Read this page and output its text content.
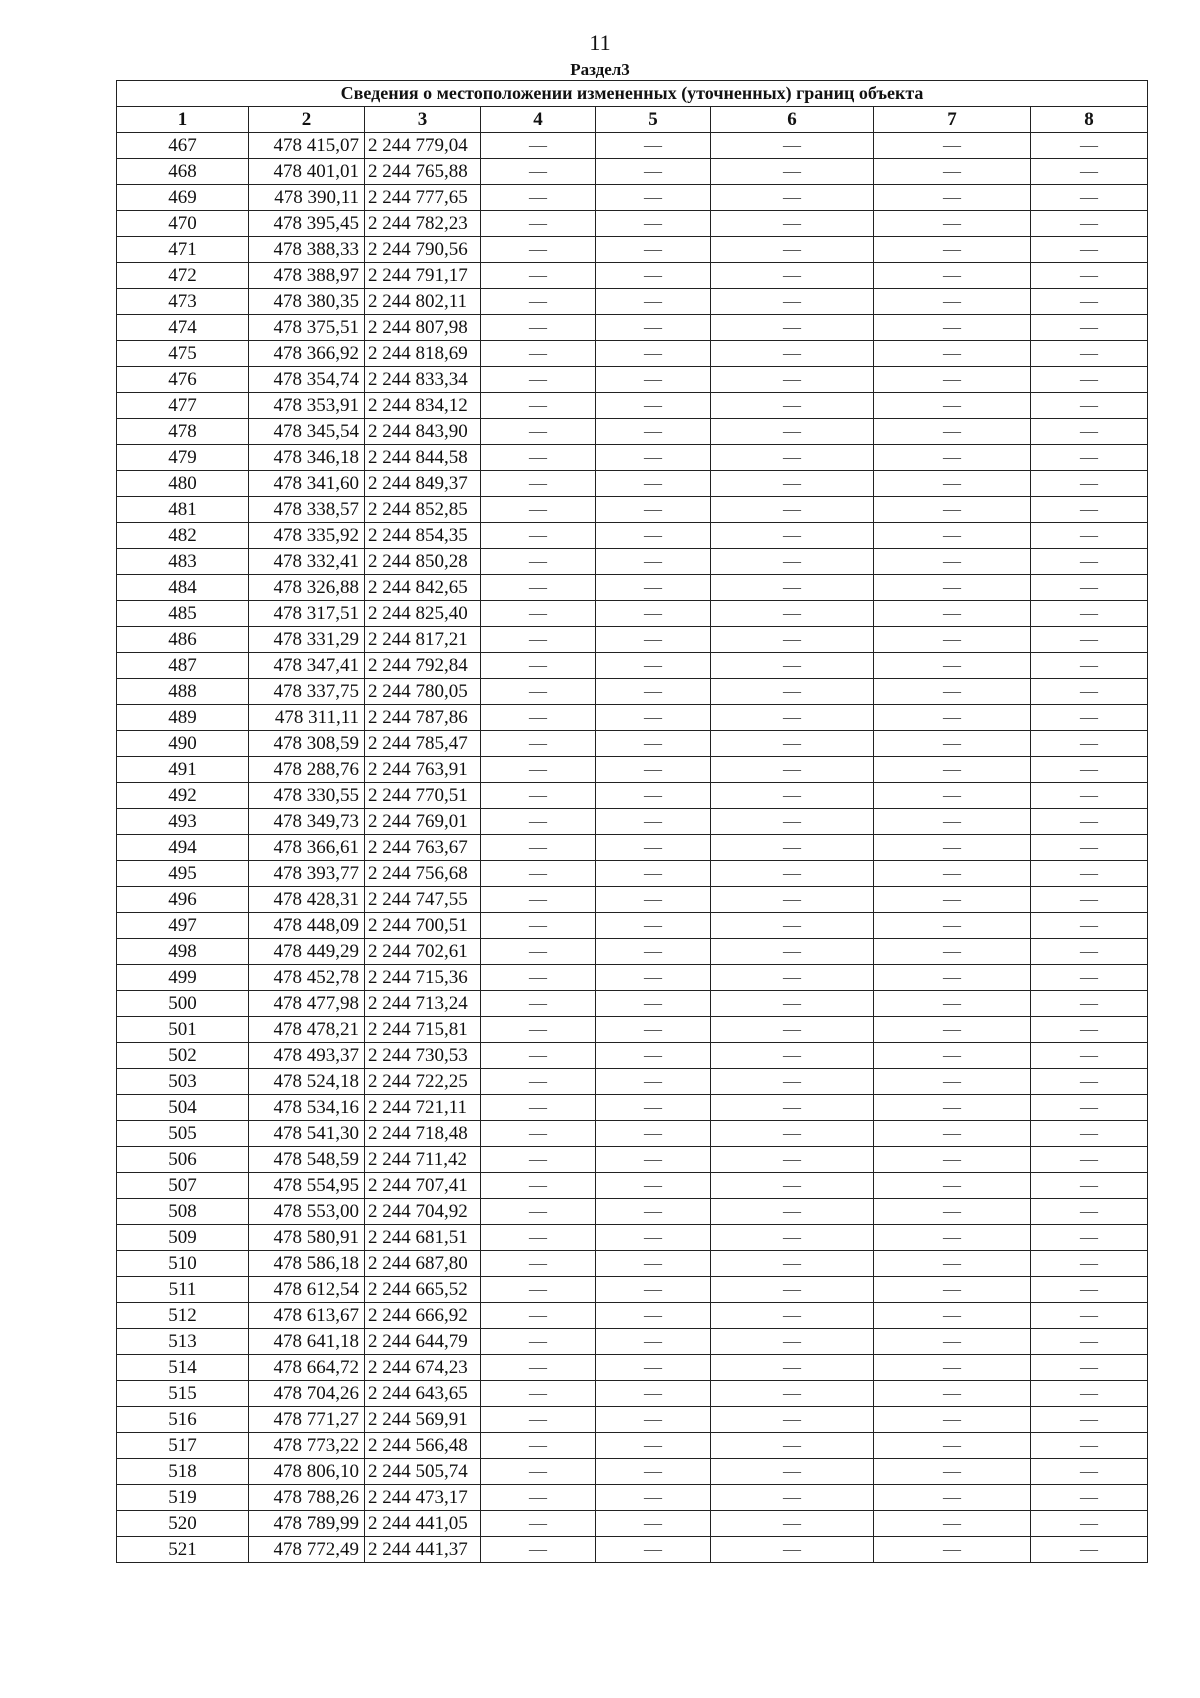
11
Раздел3
Сведения о местоположении измененных (уточненных) границ объекта							
1	2	3	4	5	6	7	8
467	478 415,07	2 244 779,04	—	—	—	—	—
468	478 401,01	2 244 765,88	—	—	—	—	—
469	478 390,11	2 244 777,65	—	—	—	—	—
470	478 395,45	2 244 782,23	—	—	—	—	—
471	478 388,33	2 244 790,56	—	—	—	—	—
472	478 388,97	2 244 791,17	—	—	—	—	—
473	478 380,35	2 244 802,11	—	—	—	—	—
474	478 375,51	2 244 807,98	—	—	—	—	—
475	478 366,92	2 244 818,69	—	—	—	—	—
476	478 354,74	2 244 833,34	—	—	—	—	—
477	478 353,91	2 244 834,12	—	—	—	—	—
478	478 345,54	2 244 843,90	—	—	—	—	—
479	478 346,18	2 244 844,58	—	—	—	—	—
480	478 341,60	2 244 849,37	—	—	—	—	—
481	478 338,57	2 244 852,85	—	—	—	—	—
482	478 335,92	2 244 854,35	—	—	—	—	—
483	478 332,41	2 244 850,28	—	—	—	—	—
484	478 326,88	2 244 842,65	—	—	—	—	—
485	478 317,51	2 244 825,40	—	—	—	—	—
486	478 331,29	2 244 817,21	—	—	—	—	—
487	478 347,41	2 244 792,84	—	—	—	—	—
488	478 337,75	2 244 780,05	—	—	—	—	—
489	478 311,11	2 244 787,86	—	—	—	—	—
490	478 308,59	2 244 785,47	—	—	—	—	—
491	478 288,76	2 244 763,91	—	—	—	—	—
492	478 330,55	2 244 770,51	—	—	—	—	—
493	478 349,73	2 244 769,01	—	—	—	—	—
494	478 366,61	2 244 763,67	—	—	—	—	—
495	478 393,77	2 244 756,68	—	—	—	—	—
496	478 428,31	2 244 747,55	—	—	—	—	—
497	478 448,09	2 244 700,51	—	—	—	—	—
498	478 449,29	2 244 702,61	—	—	—	—	—
499	478 452,78	2 244 715,36	—	—	—	—	—
500	478 477,98	2 244 713,24	—	—	—	—	—
501	478 478,21	2 244 715,81	—	—	—	—	—
502	478 493,37	2 244 730,53	—	—	—	—	—
503	478 524,18	2 244 722,25	—	—	—	—	—
504	478 534,16	2 244 721,11	—	—	—	—	—
505	478 541,30	2 244 718,48	—	—	—	—	—
506	478 548,59	2 244 711,42	—	—	—	—	—
507	478 554,95	2 244 707,41	—	—	—	—	—
508	478 553,00	2 244 704,92	—	—	—	—	—
509	478 580,91	2 244 681,51	—	—	—	—	—
510	478 586,18	2 244 687,80	—	—	—	—	—
511	478 612,54	2 244 665,52	—	—	—	—	—
512	478 613,67	2 244 666,92	—	—	—	—	—
513	478 641,18	2 244 644,79	—	—	—	—	—
514	478 664,72	2 244 674,23	—	—	—	—	—
515	478 704,26	2 244 643,65	—	—	—	—	—
516	478 771,27	2 244 569,91	—	—	—	—	—
517	478 773,22	2 244 566,48	—	—	—	—	—
518	478 806,10	2 244 505,74	—	—	—	—	—
519	478 788,26	2 244 473,17	—	—	—	—	—
520	478 789,99	2 244 441,05	—	—	—	—	—
521	478 772,49	2 244 441,37	—	—	—	—	—
